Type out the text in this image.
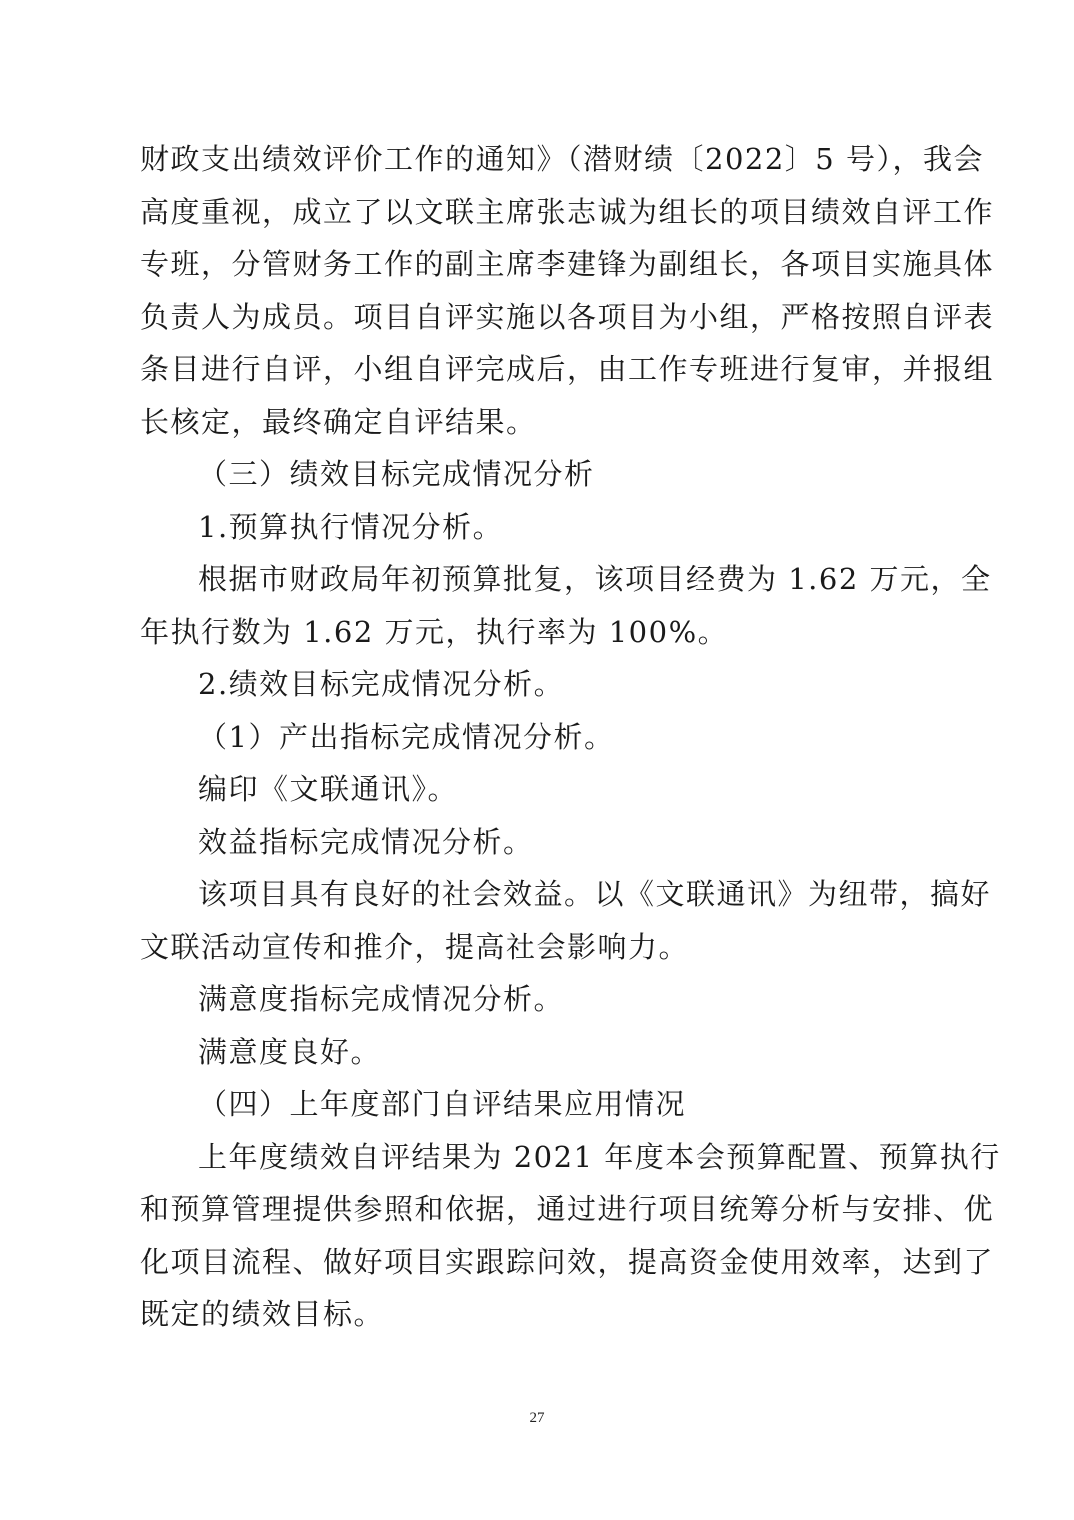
财政支出绩效评价工作的通知》（潜财绩〔2022〕5 号），我会
高度重视，成立了以文联主席张志诚为组长的项目绩效自评工作
专班，分管财务工作的副主席李建锋为副组长，各项目实施具体
负责人为成员。项目自评实施以各项目为小组，严格按照自评表
条目进行自评，小组自评完成后，由工作专班进行复审，并报组
长核定，最终确定自评结果。
（三）绩效目标完成情况分析
1.预算执行情况分析。
根据市财政局年初预算批复，该项目经费为 1.62 万元，全
年执行数为 1.62 万元，执行率为 100%。
2.绩效目标完成情况分析。
（1）产出指标完成情况分析。
编印《文联通讯》。
效益指标完成情况分析。
该项目具有良好的社会效益。以《文联通讯》为纽带，搞好
文联活动宣传和推介，提高社会影响力。
满意度指标完成情况分析。
满意度良好。
（四）上年度部门自评结果应用情况
上年度绩效自评结果为 2021 年度本会预算配置、预算执行
和预算管理提供参照和依据，通过进行项目统筹分析与安排、优
化项目流程、做好项目实跟踪问效，提高资金使用效率，达到了
既定的绩效目标。
27
